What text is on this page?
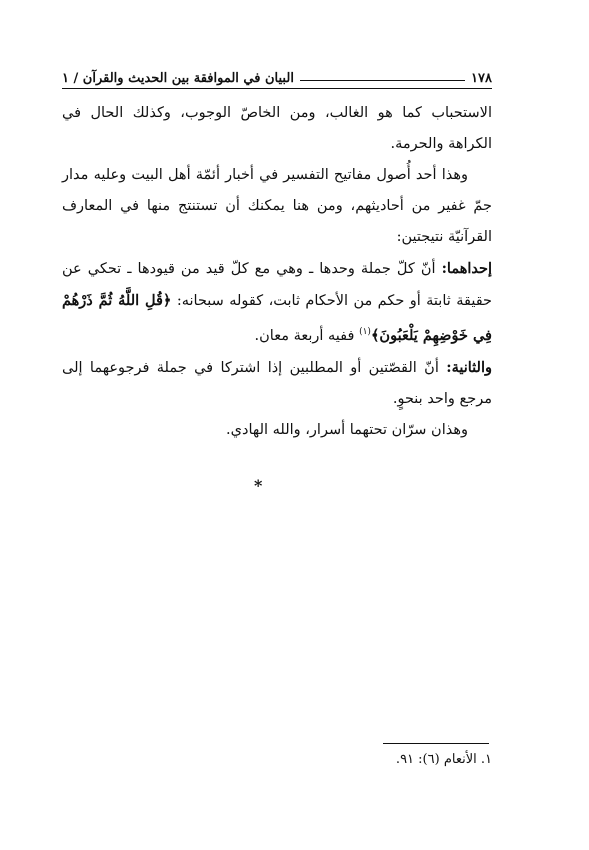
١٧٨
البيان في الموافقة بين الحديث والقرآن / ١

الاستحباب كما هو الغالب، ومن الخاصّ الوجوب، وكذلك الحال في الكراهة والحرمة.

وهذا أحد أُصول مفاتيح التفسير في أخبار أئمّة أهل البيت وعليه مدار جمّ غفير من أحاديثهم، ومن هنا يمكنك أن تستنتج منها في المعارف القرآنيّة نتيجتين:

إحداهما: أنّ كلّ جملة وحدها ـ وهي مع كلّ قيد من قيودها ـ تحكي عن حقيقة ثابتة أو حكم من الأحكام ثابت، كقوله سبحانه: ﴿قُلِ اللَّهُ ثُمَّ ذَرْهُمْ فِي خَوْضِهِمْ يَلْعَبُونَ﴾$^{(١)}$ ففيه أربعة معان.

والثانية: أنّ القصّتين أو المطلبين إذا اشتركا في جملة فرجوعهما إلى مرجع واحد بنحوٍ.

وهذان سرّان تحتهما أسرار، والله الهادي.

*
١. الأنعام (٦): ٩١.
